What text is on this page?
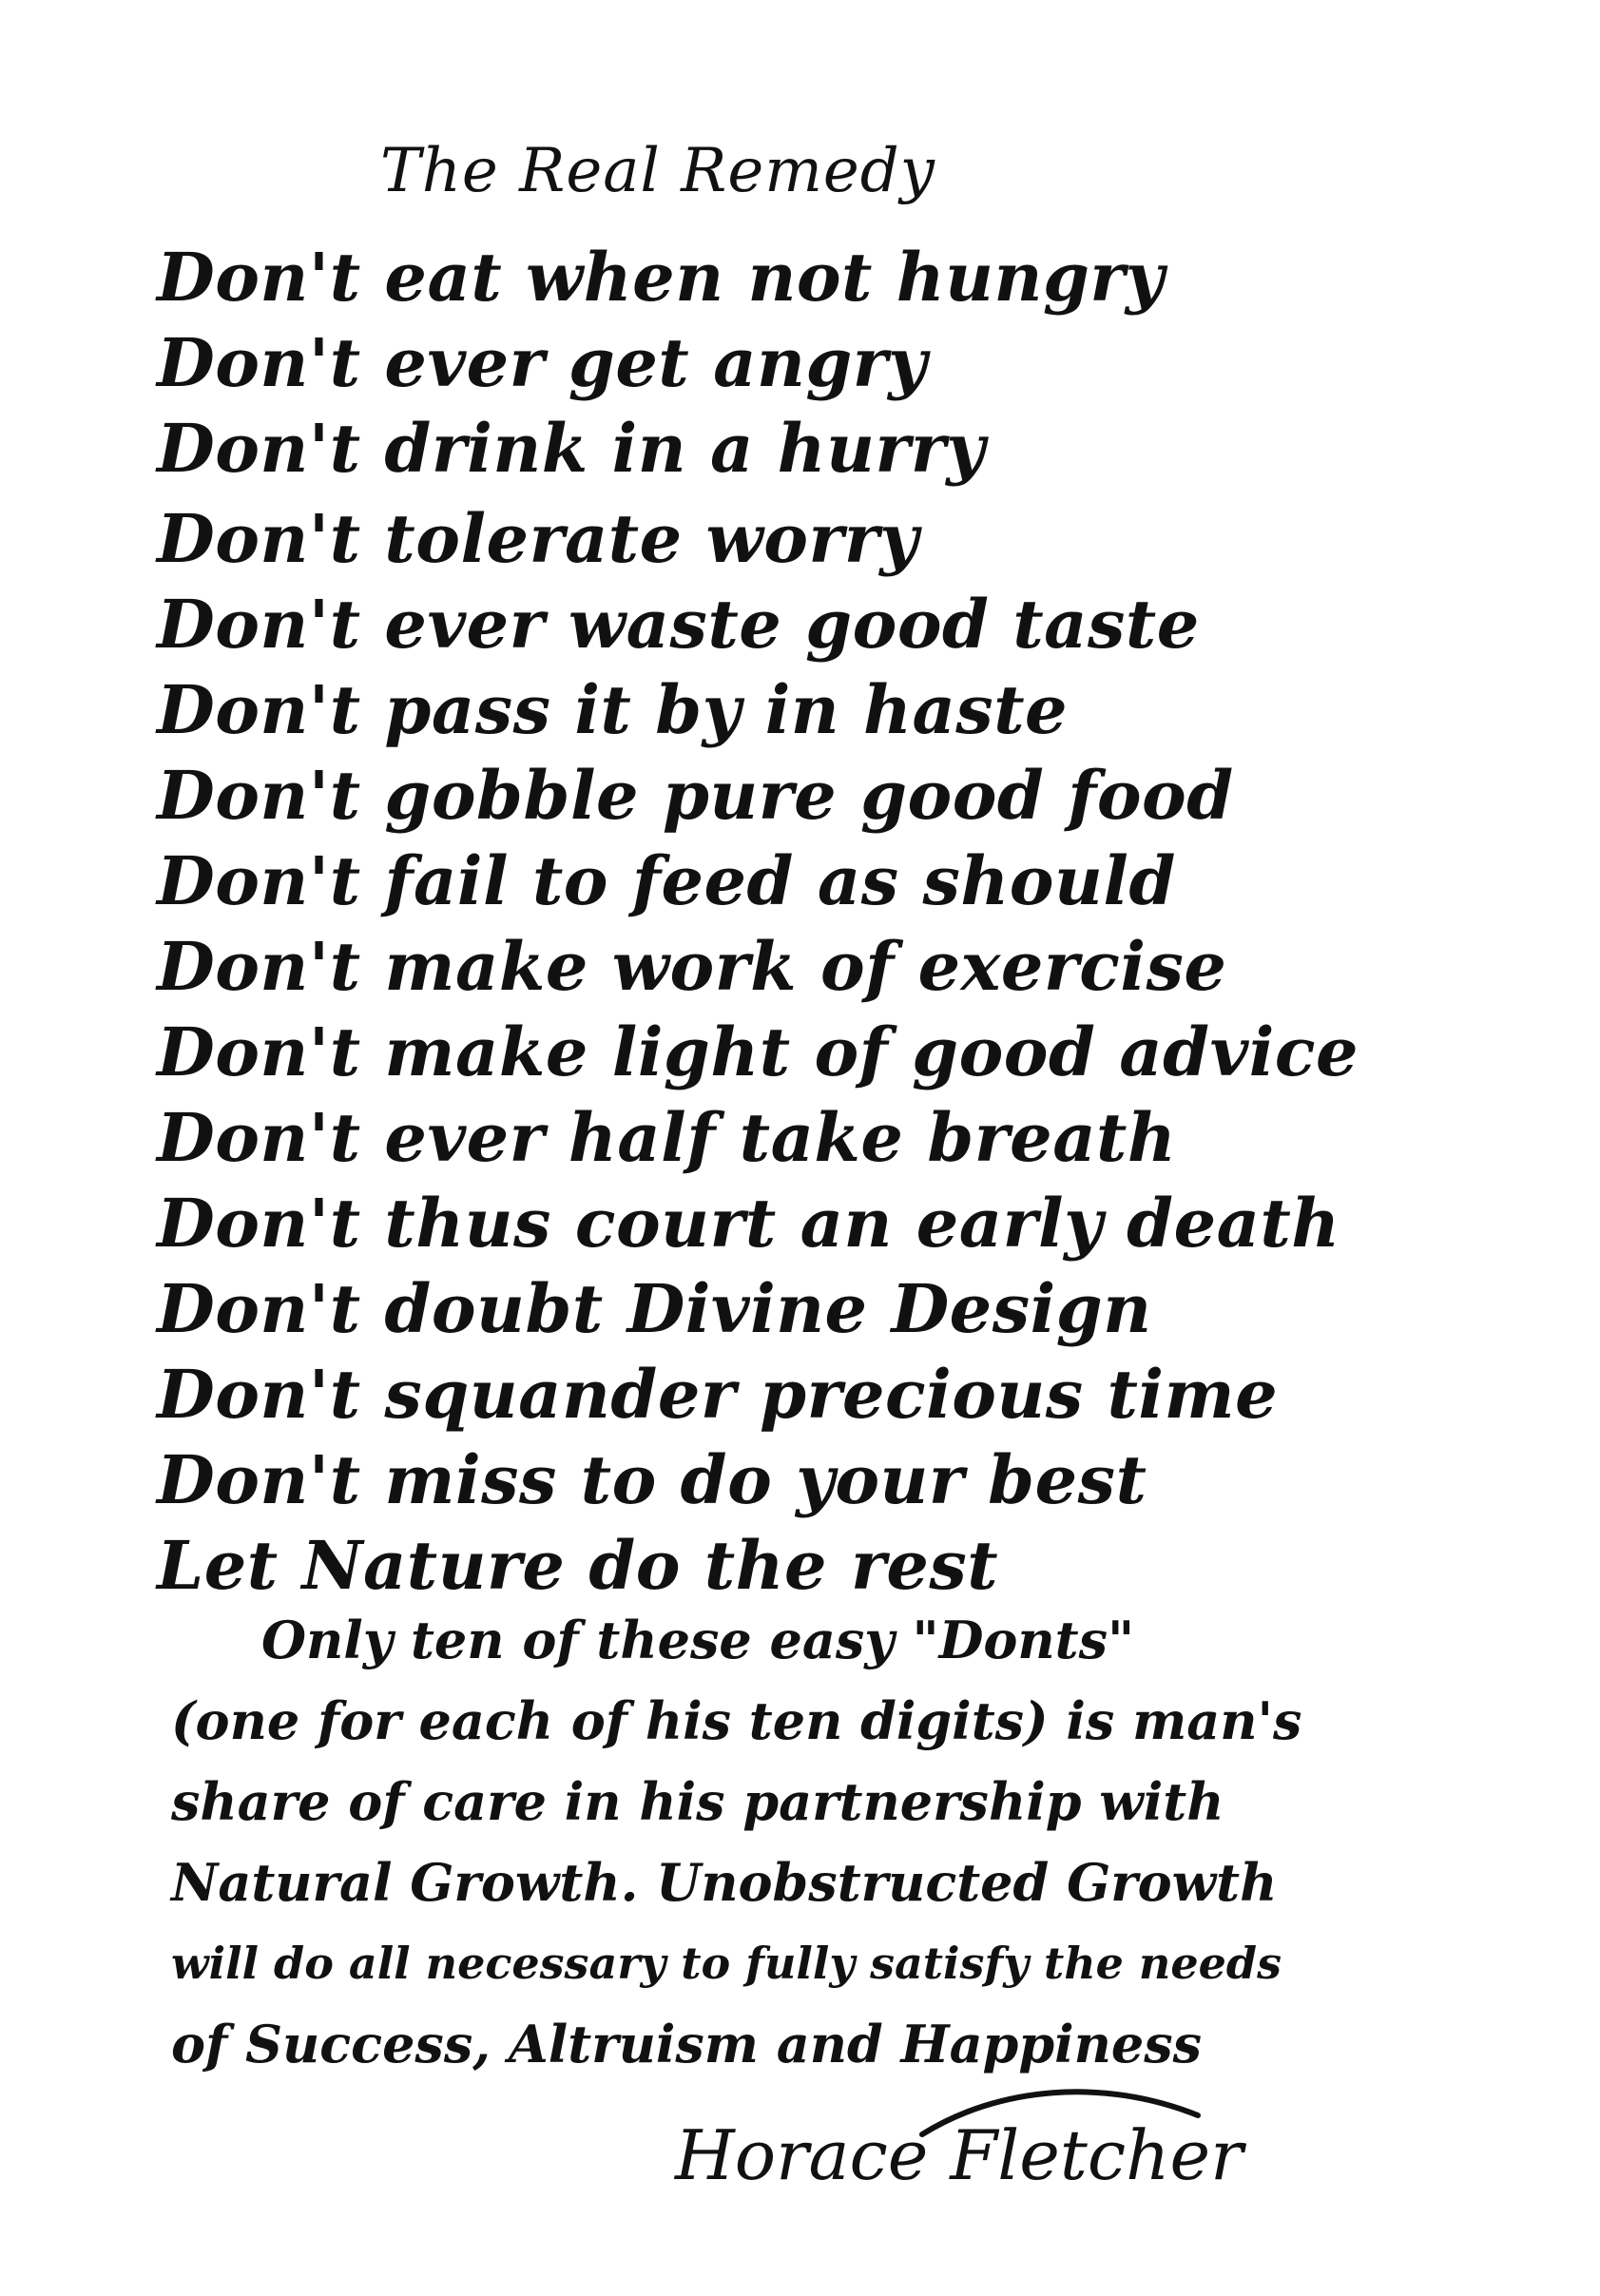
The Real Remedy
Don't eat when not hungry
Don't ever get angry
Don't drink in a hurry
Don't tolerate worry
Don't ever waste good taste
Don't pass it by in haste
Don't gobble pure good food
Don't fail to feed as should
Don't make work of exercise
Don't make light of good advice
Don't ever half take breath
Don't thus court an early death
Don't doubt Divine Design
Don't squander precious time
Don't miss to do your best
Let Nature do the rest
Only ten of these easy "Donts"
(one for each of his ten digits) is man's
share of care in his partnership with
Natural Growth. Unobstructed Growth
will do all necessary to fully satisfy the needs
of Success, Altruism and Happiness
Horace Fletcher
